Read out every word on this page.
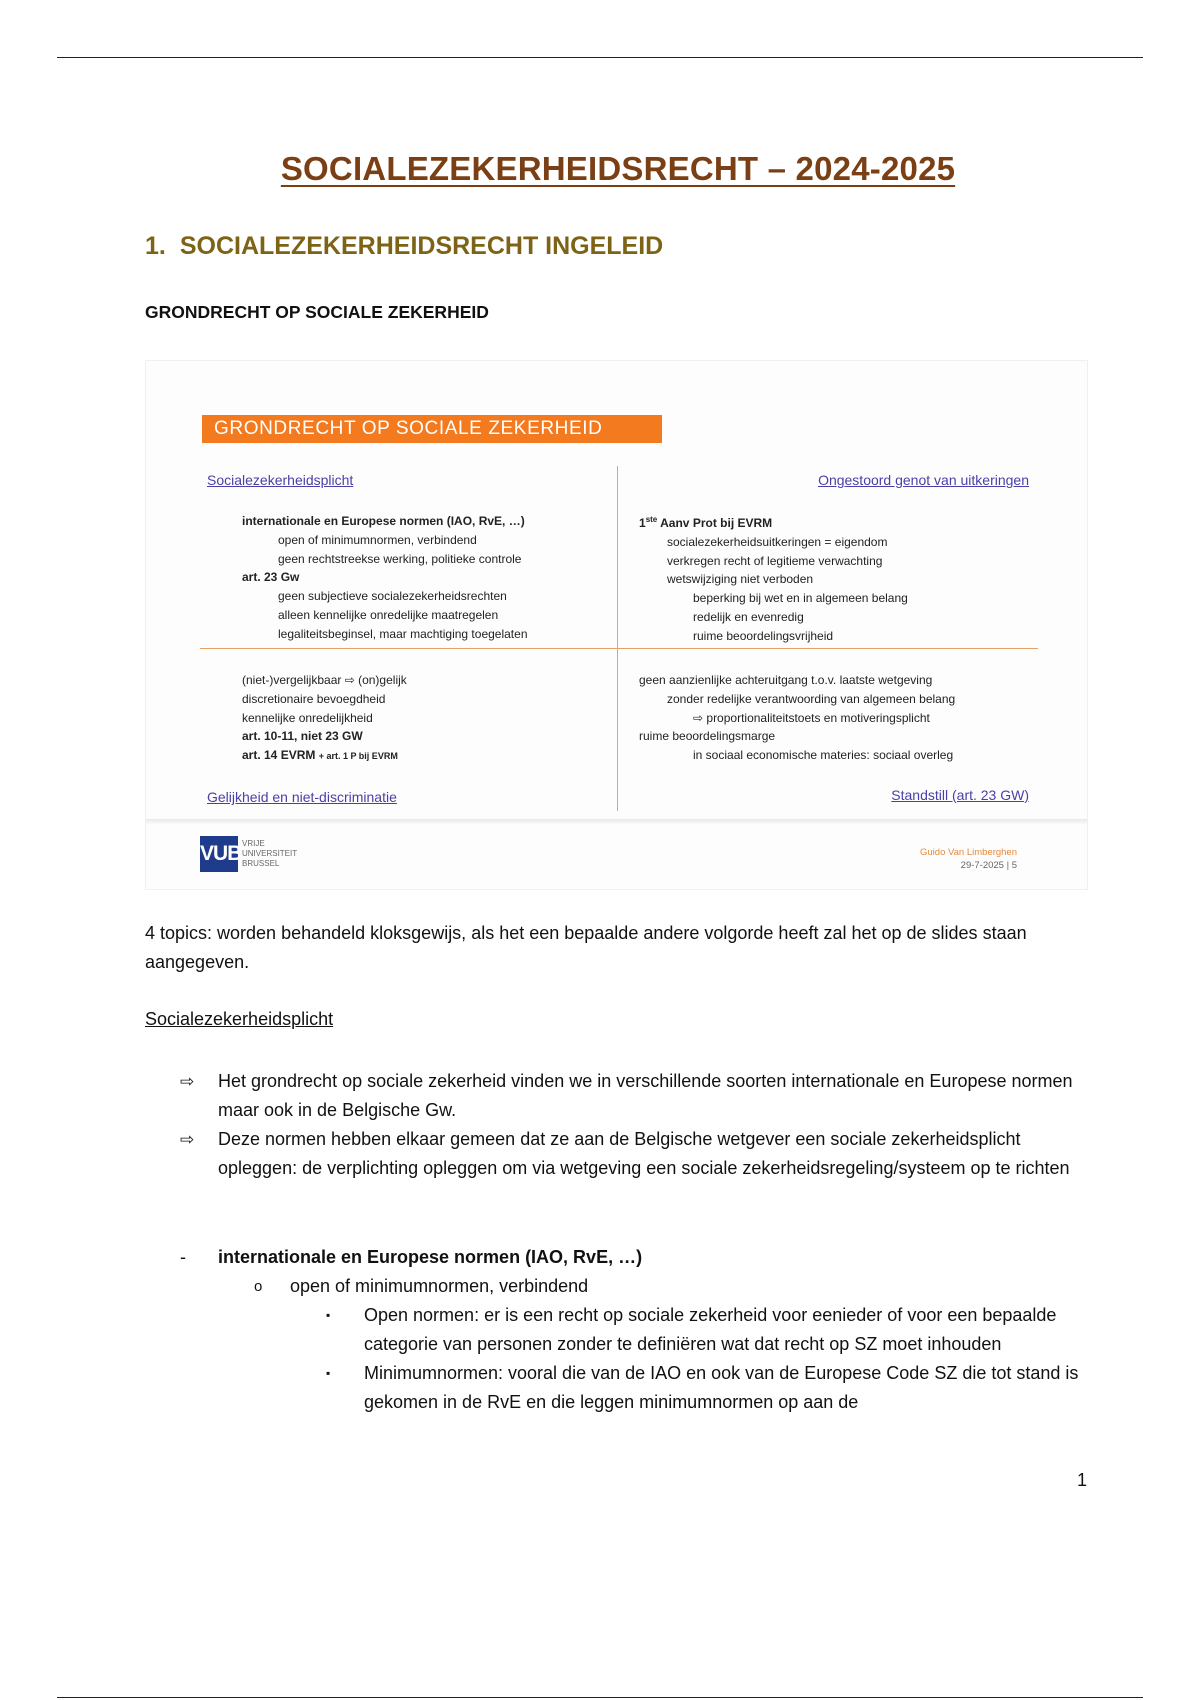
SOCIALEZEKERHEIDSRECHT – 2024-2025
1. SOCIALEZEKERHEIDSRECHT INGELEID
GRONDRECHT OP SOCIALE ZEKERHEID
GRONDRECHT OP SOCIALE ZEKERHEID
Socialezekerheidsplicht	Ongestoord genot van uitkeringen
Gelijkheid en niet-discriminatie	Standstill (art. 23 GW)
internationale en Europese normen (IAO, RvE, …)
open of minimumnormen, verbindend
geen rechtstreekse werking, politieke controle
art. 23 Gw
geen subjectieve socialezekerheidsrechten
alleen kennelijke onredelijke maatregelen
legaliteitsbeginsel, maar machtiging toegelaten
1ste Aanv Prot bij EVRM
socialezekerheidsuitkeringen = eigendom
verkregen recht of legitieme verwachting
wetswijziging niet verboden
beperking bij wet en in algemeen belang
redelijk en evenredig
ruime beoordelingsvrijheid
(niet-)vergelijkbaar ⇨ (on)gelijk
discretionaire bevoegdheid
kennelijke onredelijkheid
art. 10-11, niet 23 GW
art. 14 EVRM + art. 1 P bij EVRM
geen aanzienlijke achteruitgang t.o.v. laatste wetgeving
zonder redelijke verantwoording van algemeen belang
⇨ proportionaliteitstoets en motiveringsplicht
ruime beoordelingsmarge
in sociaal economische materies: sociaal overleg
VUBVRIJE
UNIVERSITEIT
BRUSSEL
Guido Van Limberghen
29-7-2025 | 5
4 topics: worden behandeld kloksgewijs, als het een bepaalde andere volgorde heeft zal het op de slides staan aangegeven.
Socialezekerheidsplicht
⇨	Het grondrecht op sociale zekerheid vinden we in verschillende soorten internationale en Europese normen maar ook in de Belgische Gw.
⇨	Deze normen hebben elkaar gemeen dat ze aan de Belgische wetgever een sociale zekerheidsplicht opleggen: de verplichting opleggen om via wetgeving een sociale zekerheidsregeling/systeem op te richten
-	internationale en Europese normen (IAO, RvE, …)
o	open of minimumnormen, verbindend
▪	Open normen: er is een recht op sociale zekerheid voor eenieder of voor een bepaalde categorie van personen zonder te definiëren wat dat recht op SZ moet inhouden
▪	Minimumnormen: vooral die van de IAO en ook van de Europese Code SZ die tot stand is gekomen in de RvE en die leggen minimumnormen op aan de
1
